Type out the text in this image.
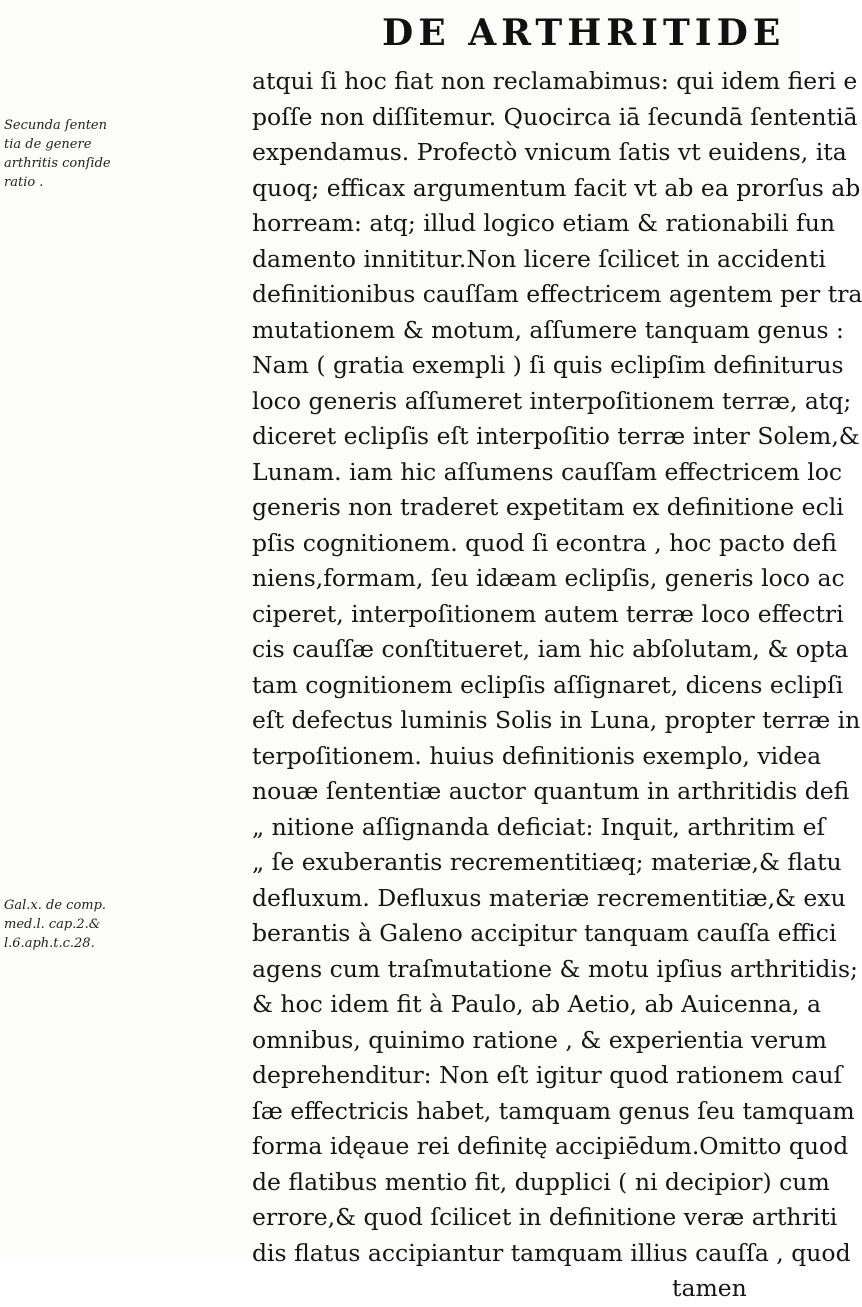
DE ARTHRITIDE
Secunda ſenten
tia de genere
arthritis conſide
ratio .
Gal.x. de comp.
med.l. cap.2.&
l.6.aph.t.c.28.
atqui ſi hoc fiat non reclamabimus: qui idem fieri e
poſſe non diſſitemur. Quocirca iā ſecundā ſententiā
expendamus. Profectò vnicum ſatis vt euidens, ita
quoq; efficax argumentum facit vt ab ea prorſus ab
horream: atq; illud logico etiam & rationabili fun
damento innititur.Non licere ſcilicet in accidenti
definitionibus cauſſam effectricem agentem per tra
mutationem & motum, aſſumere tanquam genus :
Nam ( gratia exempli ) ſi quis eclipſim definiturus
loco generis aſſumeret interpoſitionem terræ, atq;
diceret eclipſis eſt interpoſitio terræ inter Solem,&
Lunam. iam hic aſſumens cauſſam effectricem loc
generis non traderet expetitam ex definitione ecli
pſis cognitionem. quod ſi econtra , hoc pacto defi
niens,formam, ſeu idæam eclipſis, generis loco ac
ciperet, interpoſitionem autem terræ loco effectri
cis cauſſæ conſtitueret, iam hic abſolutam, & opta
tam cognitionem eclipſis aſſignaret, dicens eclipſi
eſt defectus luminis Solis in Luna, propter terræ in
terpoſitionem. huius definitionis exemplo, videa
nouæ ſententiæ auctor quantum in arthritidis defi
„ nitione aſſignanda deficiat: Inquit, arthritim eſ
„ ſe exuberantis recrementitiæq; materiæ,& flatu
defluxum. Defluxus materiæ recrementitiæ,& exu
berantis à Galeno accipitur tanquam cauſſa effici
agens cum traſmutatione & motu ipſius arthritidis;
& hoc idem fit à Paulo, ab Aetio, ab Auicenna, a
omnibus, quinimo ratione , & experientia verum
deprehenditur: Non eſt igitur quod rationem cauſ
ſæ effectricis habet, tamquam genus ſeu tamquam
forma idęaue rei definitę accipiēdum.Omitto quod
de flatibus mentio fit, dupplici ( ni decipior) cum
errore,& quod ſcilicet in definitione veræ arthriti
dis flatus accipiantur tamquam illius cauſſa , quod
tamen
